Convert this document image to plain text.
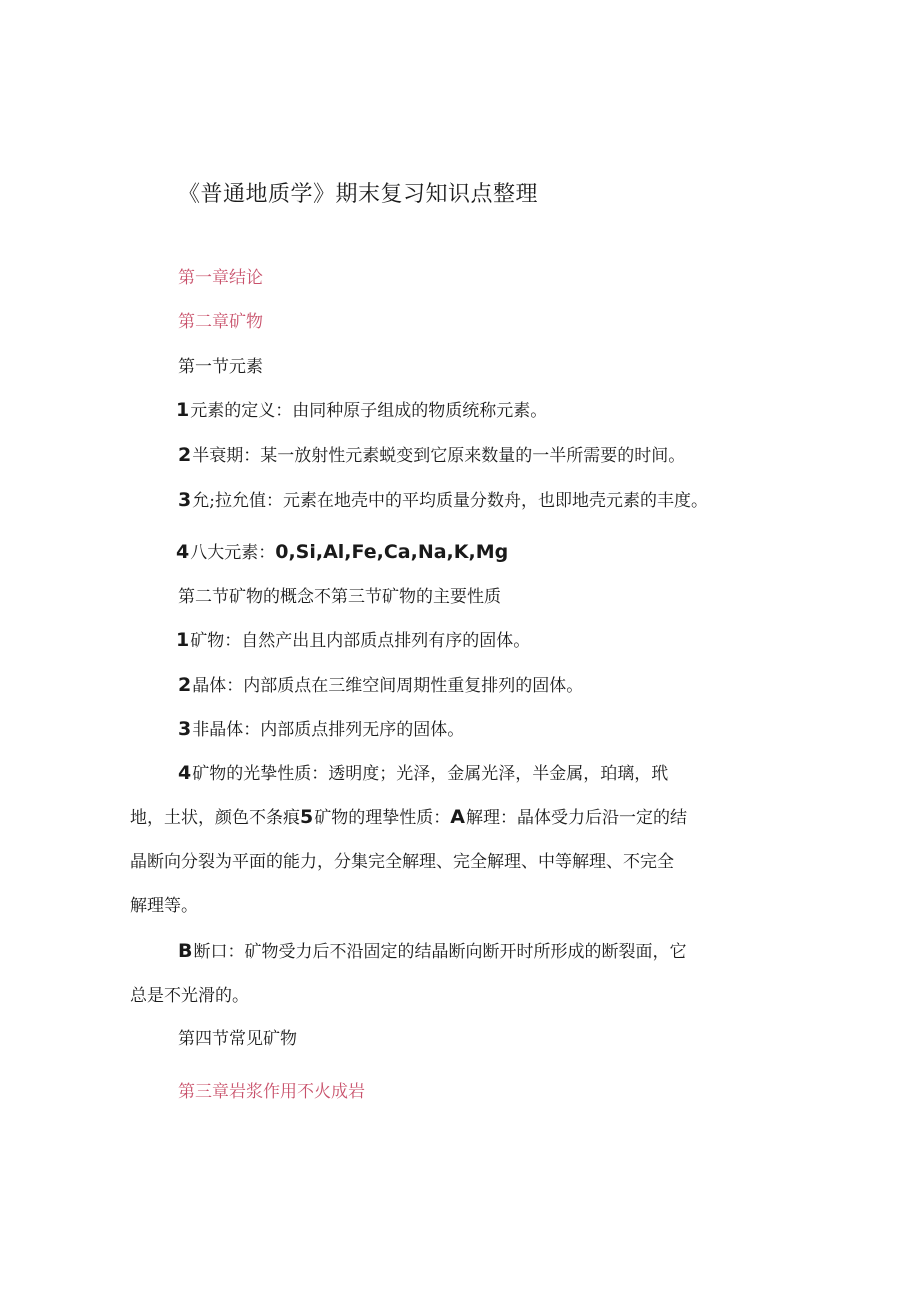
《普通地质学》期末复习知识点整理
第一章结论
第二章矿物
第一节元素
1元素的定义：由同种原子组成的物质统称元素。
2半衰期：某一放射性元素蜕变到它原来数量的一半所需要的时间。
3允;拉允值：元素在地壳中的平均质量分数舟，也即地壳元素的丰度。
4八大元素：0,Si,Al,Fe,Ca,Na,K,Mg
第二节矿物的概念不第三节矿物的主要性质
1矿物：自然产出且内部质点排列有序的固体。
2晶体：内部质点在三维空间周期性重复排列的固体。
3非晶体：内部质点排列无序的固体。
4矿物的光挚性质：透明度；光泽，金属光泽，半金属，珀璃，玳
地，土状，颜色不条痕5矿物的理挚性质：A解理：晶体受力后沿一定的结
晶断向分裂为平面的能力，分集完全解理、完全解理、中等解理、不完全
解理等。
B断口：矿物受力后不沿固定的结晶断向断开时所形成的断裂面，它
总是不光滑的。
第四节常见矿物
第三章岩浆作用不火成岩
